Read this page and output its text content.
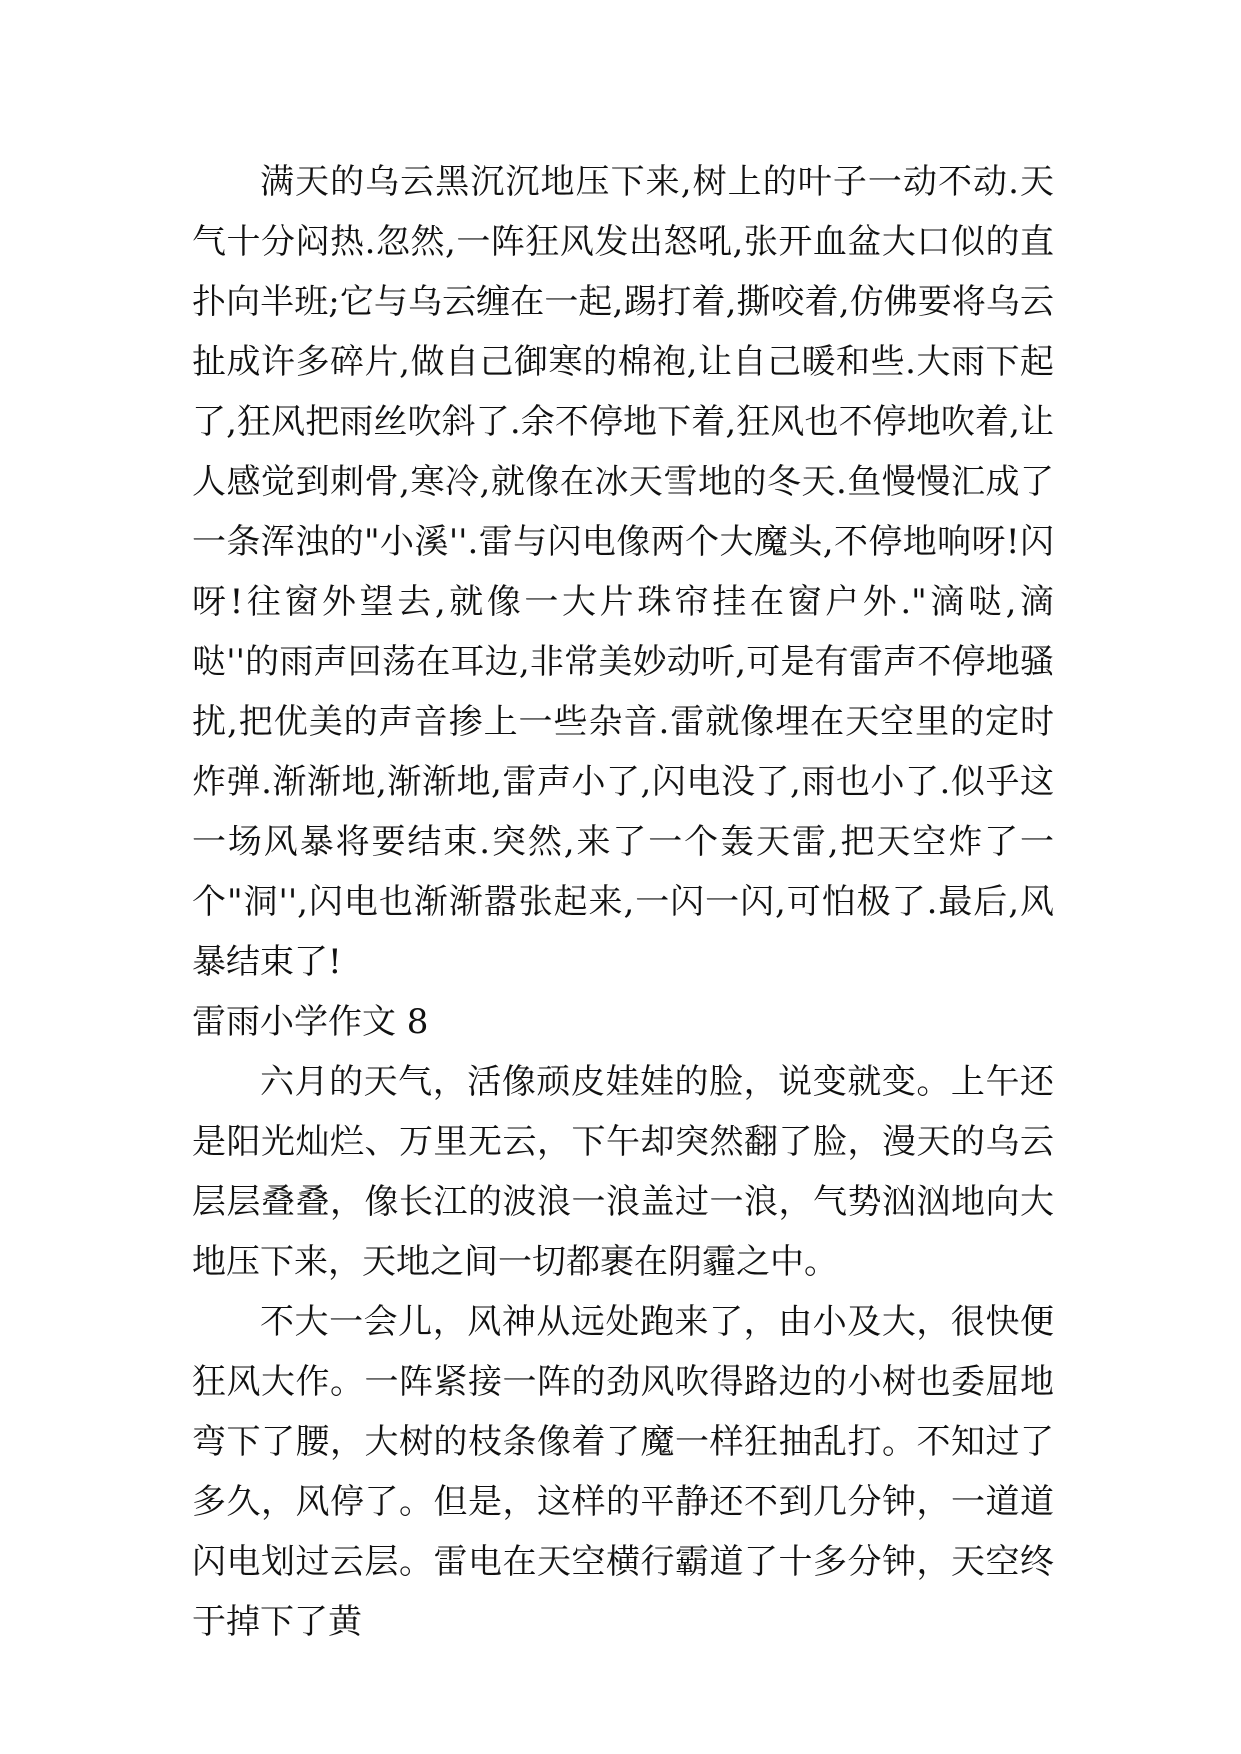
满天的乌云黑沉沉地压下来,树上的叶子一动不动.天气十分闷热.忽然,一阵狂风发出怒吼,张开血盆大口似的直扑向半班;它与乌云缠在一起,踢打着,撕咬着,仿佛要将乌云扯成许多碎片,做自己御寒的棉袍,让自己暖和些.大雨下起了,狂风把雨丝吹斜了.余不停地下着,狂风也不停地吹着,让人感觉到刺骨,寒冷,就像在冰天雪地的冬天.鱼慢慢汇成了一条浑浊的"小溪''.雷与闪电像两个大魔头,不停地响呀!闪呀!往窗外望去,就像一大片珠帘挂在窗户外."滴哒,滴哒''的雨声回荡在耳边,非常美妙动听,可是有雷声不停地骚扰,把优美的声音掺上一些杂音.雷就像埋在天空里的定时炸弹.渐渐地,渐渐地,雷声小了,闪电没了,雨也小了.似乎这一场风暴将要结束.突然,来了一个轰天雷,把天空炸了一个"洞'',闪电也渐渐嚣张起来,一闪一闪,可怕极了.最后,风暴结束了!

雷雨小学作文 8

六月的天气，活像顽皮娃娃的脸，说变就变。上午还是阳光灿烂、万里无云，下午却突然翻了脸，漫天的乌云层层叠叠，像长江的波浪一浪盖过一浪，气势汹汹地向大地压下来，天地之间一切都裹在阴霾之中。

不大一会儿，风神从远处跑来了，由小及大，很快便狂风大作。一阵紧接一阵的劲风吹得路边的小树也委屈地弯下了腰，大树的枝条像着了魔一样狂抽乱打。不知过了多久，风停了。但是，这样的平静还不到几分钟，一道道闪电划过云层。雷电在天空横行霸道了十多分钟，天空终于掉下了黄
